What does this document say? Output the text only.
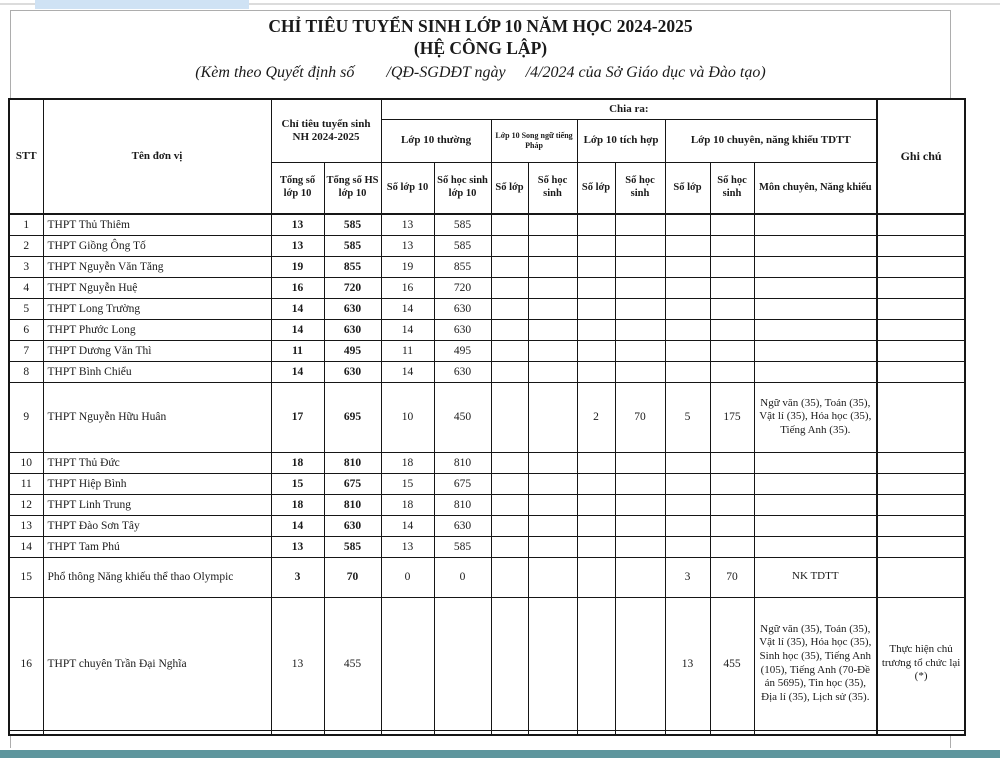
CHỈ TIÊU TUYỂN SINH LỚP 10 NĂM HỌC 2024-2025
(HỆ CÔNG LẬP)
(Kèm theo Quyết định số        /QĐ-SGDĐT ngày     /4/2024 của Sở Giáo dục và Đào tạo)
STT	Tên đơn vị	Chỉ tiêu tuyển sinh NH 2024-2025		Chia ra:									Ghi chú
				Lớp 10 thường		Lớp 10 Song ngữ tiếng Pháp		Lớp 10 tích hợp		Lớp 10 chuyên, năng khiếu TDTT			
		Tổng số lớp 10	Tổng số HS lớp 10	Số lớp 10	Số học sinh lớp 10	Số lớp	Số học sinh	Số lớp	Số học sinh	Số lớp	Số học sinh	Môn chuyên, Năng khiếu	
1	THPT Thủ Thiêm	13	585	13	585								
2	THPT Giồng Ông Tố	13	585	13	585								
3	THPT Nguyễn Văn Tăng	19	855	19	855								
4	THPT Nguyễn Huệ	16	720	16	720								
5	THPT Long Trường	14	630	14	630								
6	THPT Phước Long	14	630	14	630								
7	THPT Dương Văn Thì	11	495	11	495								
8	THPT Bình Chiểu	14	630	14	630								
9	THPT Nguyễn Hữu Huân	17	695	10	450			2	70	5	175	Ngữ văn (35), Toán (35), Vật lí (35), Hóa học (35), Tiếng Anh (35).	
10	THPT Thủ Đức	18	810	18	810								
11	THPT Hiệp Bình	15	675	15	675								
12	THPT Linh Trung	18	810	18	810								
13	THPT Đào Sơn Tây	14	630	14	630								
14	THPT Tam Phú	13	585	13	585								
15	Phổ thông Năng khiếu thể thao Olympic	3	70	0	0					3	70	NK TDTT	
16	THPT chuyên Trần Đại Nghĩa	13	455							13	455	Ngữ văn (35), Toán (35), Vật lí (35), Hóa học (35), Sinh học (35), Tiếng Anh (105), Tiếng Anh (70-Đề án 5695), Tin học (35), Địa lí (35), Lịch sử (35).	Thực hiện chủ trương tổ chức lại (*)
